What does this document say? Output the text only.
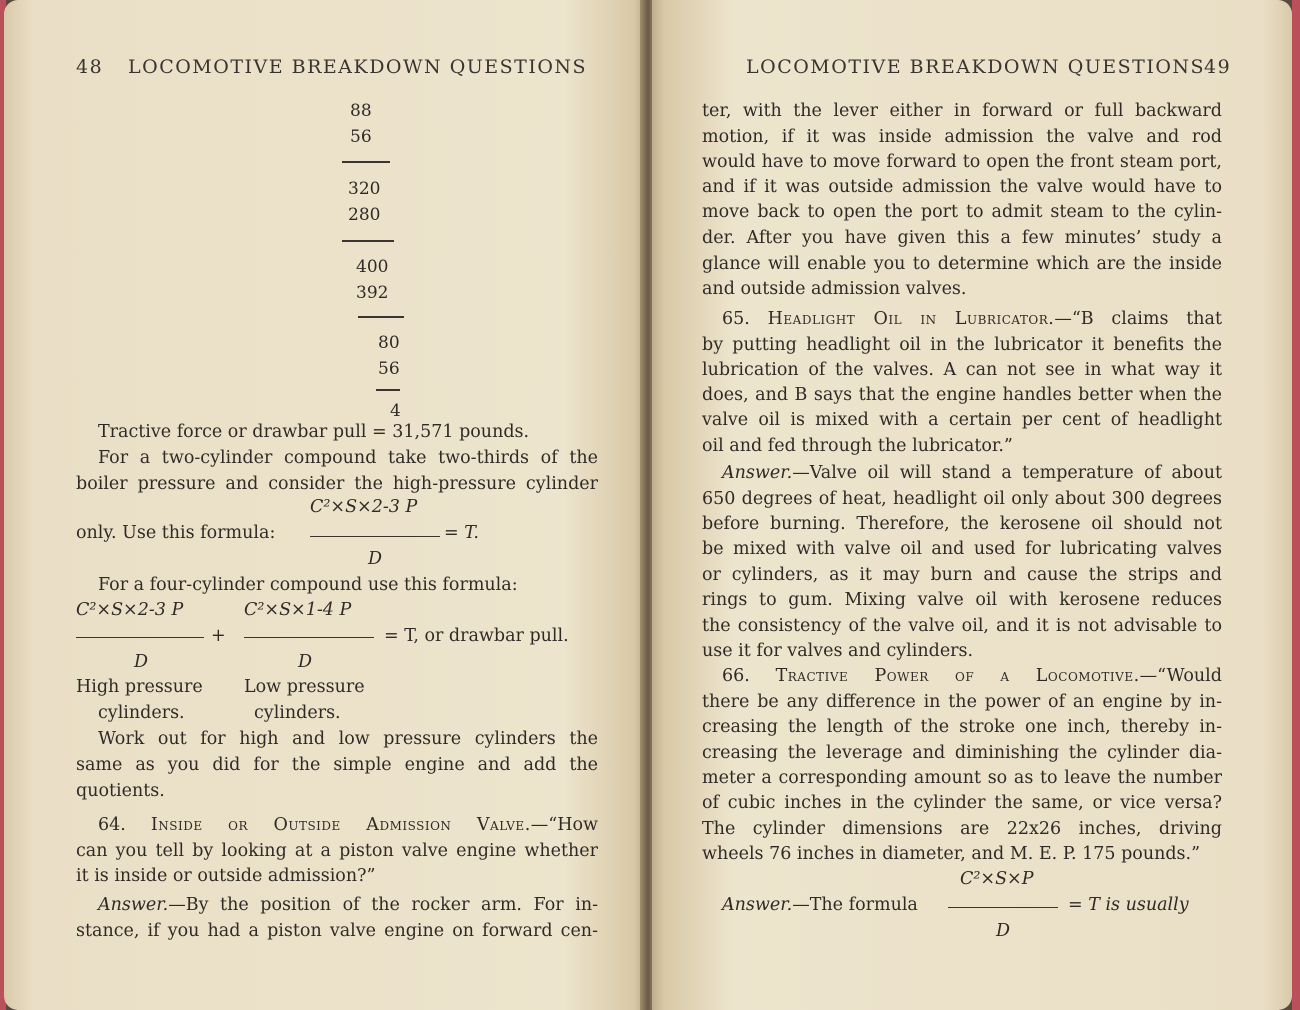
48 LOCOMOTIVE BREAKDOWN QUESTIONS
88
56
320
280
400
392
80
56
4
Tractive force or drawbar pull = 31,571 pounds.
For a two-cylinder compound take two-thirds of the
boiler pressure and consider the high-pressure cylinder
C²×S×2-3 P
only. Use this formula:	= T.
D
For a four-cylinder compound use this formula:
C²×S×2-3 P	C²×S×1-4 P
+	= T, or drawbar pull.
D	D
High pressure
cylinders.
Low pressure
cylinders.
Work out for high and low pressure cylinders the
same as you did for the simple engine and add the
quotients.
64. Inside or Outside Admission Valve.—“How
can you tell by looking at a piston valve engine whether
it is inside or outside admission?”
Answer.—By the position of the rocker arm. For in-
stance, if you had a piston valve engine on forward cen-
LOCOMOTIVE BREAKDOWN QUESTIONS
49
ter, with the lever either in forward or full backward
motion, if it was inside admission the valve and rod
would have to move forward to open the front steam port,
and if it was outside admission the valve would have to
move back to open the port to admit steam to the cylin-
der. After you have given this a few minutes’ study a
glance will enable you to determine which are the inside
and outside admission valves.
65. Headlight Oil in Lubricator.—“B claims that
by putting headlight oil in the lubricator it benefits the
lubrication of the valves. A can not see in what way it
does, and B says that the engine handles better when the
valve oil is mixed with a certain per cent of headlight
oil and fed through the lubricator.”
Answer.—Valve oil will stand a temperature of about
650 degrees of heat, headlight oil only about 300 degrees
before burning. Therefore, the kerosene oil should not
be mixed with valve oil and used for lubricating valves
or cylinders, as it may burn and cause the strips and
rings to gum. Mixing valve oil with kerosene reduces
the consistency of the valve oil, and it is not advisable to
use it for valves and cylinders.
66. Tractive Power of a Locomotive.—“Would
there be any difference in the power of an engine by in-
creasing the length of the stroke one inch, thereby in-
creasing the leverage and diminishing the cylinder dia-
meter a corresponding amount so as to leave the number
of cubic inches in the cylinder the same, or vice versa?
The cylinder dimensions are 22x26 inches, driving
wheels 76 inches in diameter, and M. E. P. 175 pounds.”
C²×S×P
Answer.—The formula	= T is usually
D
